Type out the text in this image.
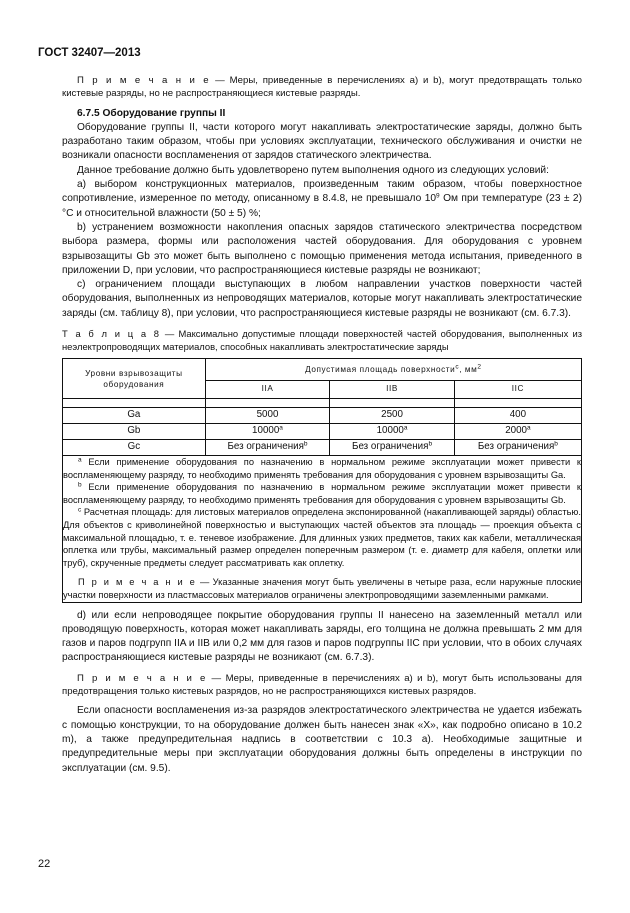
ГОСТ 32407—2013

П р и м е ч а н и е — Меры, приведенные в перечислениях а) и b), могут предотвращать только кистевые разряды, но не распространяющиеся кистевые разряды.

6.7.5 Оборудование группы II

Оборудование группы II, части которого могут накапливать электростатические заряды, должно быть разработано таким образом, чтобы при условиях эксплуатации, технического обслуживания и очистки не возникали опасности воспламенения от зарядов статического электричества.

Данное требование должно быть удовлетворено путем выполнения одного из следующих условий:

а) выбором конструкционных материалов, произведенным таким образом, чтобы поверхностное сопротивление, измеренное по методу, описанному в 8.4.8, не превышало $10^9$ Ом при температуре (23 ± 2) °С и относительной влажности (50 ± 5) %;

b) устранением возможности накопления опасных зарядов статического электричества посредством выбора размера, формы или расположения частей оборудования. Для оборудования с уровнем взрывозащиты Gb это может быть выполнено с помощью применения метода испытания, приведенного в приложении D, при условии, что распространяющиеся кистевые разряды не возникают;

с) ограничением площади выступающих в любом направлении участков поверхности частей оборудования, выполненных из непроводящих материалов, которые могут накапливать электростатические заряды (см. таблицу 8), при условии, что распространяющиеся кистевые разряды не возникают (см. 6.7.3).

Т а б л и ц а 8 — Максимально допустимые площади поверхностей частей оборудования, выполненных из неэлектропроводящих материалов, способных накапливать электростатические заряды

Уровни взрывозащиты оборудования	Допустимая площадь поверхности$^с$, $мм^2$
	IIA	IIB	IIC

Ga	5000	2500	400
Gb	10000$^a$	10000$^a$	2000$^a$
Gc	Без ограничения$^b$	Без ограничения$^b$	Без ограничения$^b$

$^a$ Если применение оборудования по назначению в нормальном режиме эксплуатации может привести к воспламеняющему разряду, то необходимо применять требования для оборудования с уровнем взрывозащиты Ga.

$^b$ Если применение оборудования по назначению в нормальном режиме эксплуатации может привести к воспламеняющему разряду, то необходимо применять требования для оборудования с уровнем взрывозащиты Gb.

$^с$ Расчетная площадь: для листовых материалов определена экспонированной (накапливающей заряды) областью. Для объектов с криволинейной поверхностью и выступающих частей объектов эта площадь — проекция объекта с максимальной площадью, т. е. теневое изображение. Для длинных узких предметов, таких как кабели, металлическая оплетка или трубы, максимальный размер определен поперечным размером (т. е. диаметр для кабеля, оплетки или труб), скрученные предметы следует рассматривать как оплетку.

П р и м е ч а н и е — Указанные значения могут быть увеличены в четыре раза, если наружные плоские участки поверхности из пластмассовых материалов ограничены электропроводящими заземленными рамками.			

d) или если непроводящее покрытие оборудования группы II нанесено на заземленный металл или проводящую поверхность, которая может накапливать заряды, его толщина не должна превышать 2 мм для газов и паров подгрупп IIA и IIB или 0,2 мм для газов и паров подгруппы IIC при условии, что в обоих случаях распространяющиеся кистевые разряды не возникают (см. 6.7.3).

П р и м е ч а н и е — Меры, приведенные в перечислениях а) и b), могут быть использованы для предотвращения только кистевых разрядов, но не распространяющихся кистевых разрядов.

Если опасности воспламенения из-за разрядов электростатического электричества не удается избежать с помощью конструкции, то на оборудование должен быть нанесен знак «Х», как подробно описано в 10.2 m), а также предупредительная надпись в соответствии с 10.3 а). Необходимые защитные и предупредительные меры при эксплуатации оборудования должны быть определены в инструкции по эксплуатации (см. 9.5).

22
